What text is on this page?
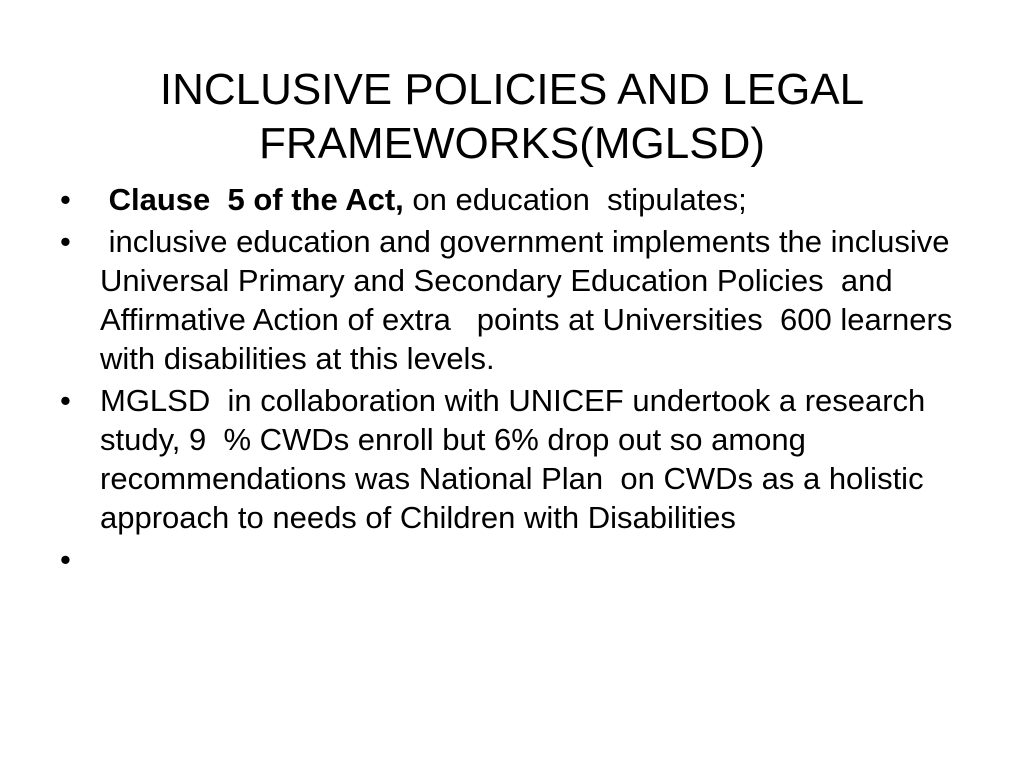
INCLUSIVE POLICIES AND LEGAL
FRAMEWORKS(MGLSD)
• Clause  5 of the Act, on education  stipulates;
• inclusive education and government implements the inclusive  Universal Primary and Secondary Education Policies  and Affirmative Action of extra   points at Universities  600 learners with disabilities at this levels.
• MGLSD  in collaboration with UNICEF undertook a research study, 9  % CWDs enroll but 6% drop out so among recommendations was National Plan  on CWDs as a holistic approach to needs of Children with Disabilities
•
